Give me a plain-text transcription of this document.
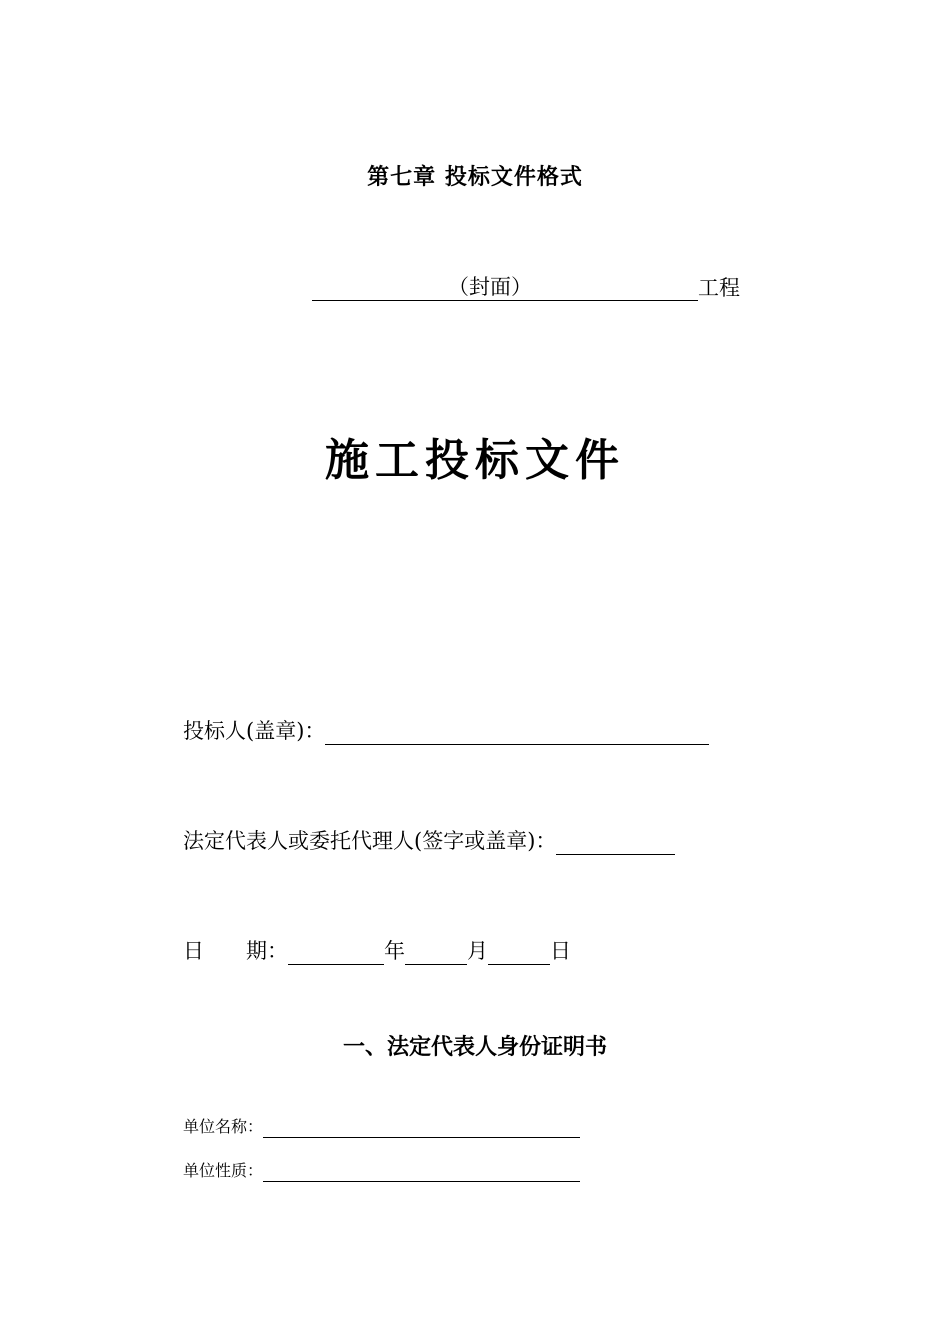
第七章 投标文件格式
（封面）	工程
施工投标文件
投标人(盖章)：
法定代表人或委托代理人(签字或盖章)：
日　　期：	年	月	日
一、法定代表人身份证明书
单位名称：
单位性质：
